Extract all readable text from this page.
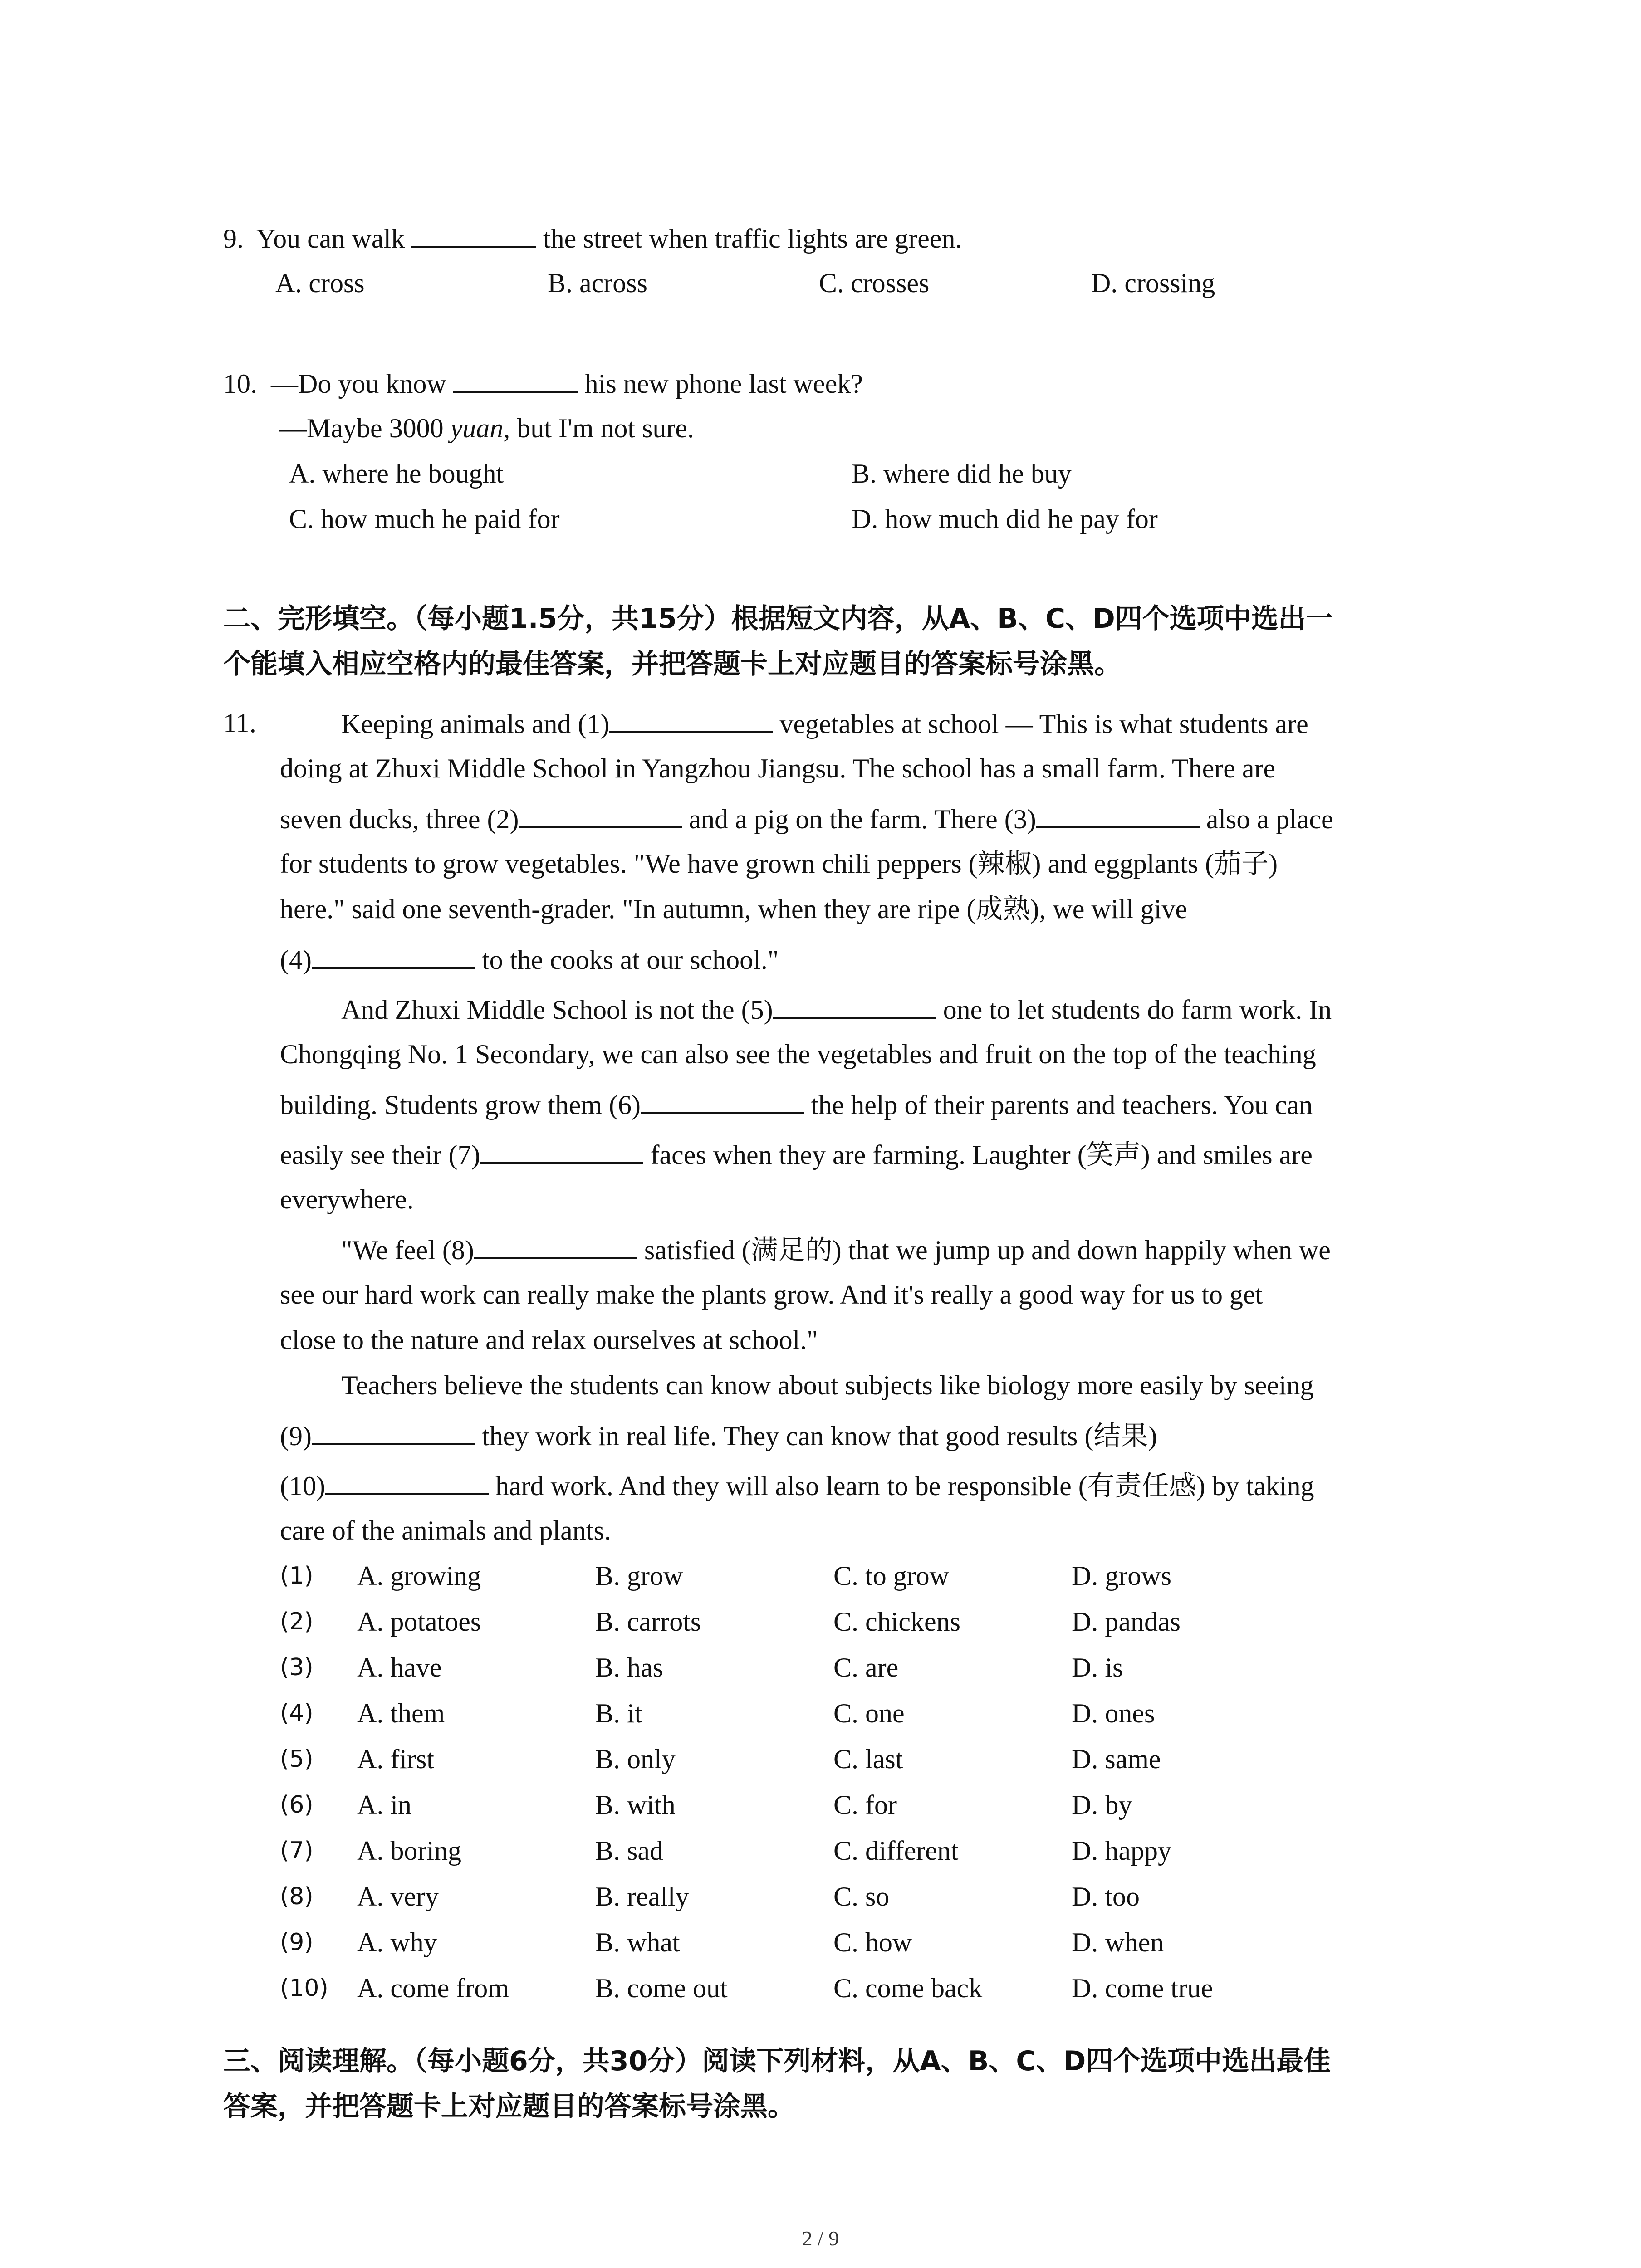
9. You can walk	the street when traffic lights are green.
A. cross	B. across	C. crosses	D. crossing
10. —Do you know	his new phone last week?
—Maybe 3000 yuan, but I'm not sure.
A. where he bought	B. where did he buy
C. how much he paid for	D. how much did he pay for
二、完形填空。（每小题1.5分，共15分）根据短文内容，从A、B、C、D四个选项中选出一
个能填入相应空格内的最佳答案，并把答题卡上对应题目的答案标号涂黑。
11.	Keeping animals and (1)	vegetables at school — This is what students are
doing at Zhuxi Middle School in Yangzhou Jiangsu. The school has a small farm. There are
seven ducks, three (2)	and a pig on the farm. There (3)	also a place
for students to grow vegetables. "We have grown chili peppers (辣椒) and eggplants (茄子)
here." said one seventh-grader. "In autumn, when they are ripe (成熟), we will give
(4)	to the cooks at our school."
And Zhuxi Middle School is not the (5)	one to let students do farm work. In
Chongqing No. 1 Secondary, we can also see the vegetables and fruit on the top of the teaching
building. Students grow them (6)	the help of their parents and teachers. You can
easily see their (7)	faces when they are farming. Laughter (笑声) and smiles are
everywhere.
"We feel (8)	satisfied (满足的) that we jump up and down happily when we
see our hard work can really make the plants grow. And it's really a good way for us to get
close to the nature and relax ourselves at school."
Teachers believe the students can know about subjects like biology more easily by seeing
(9)	they work in real life. They can know that good results (结果)
(10)	hard work. And they will also learn to be responsible (有责任感) by taking
care of the animals and plants.
(1) A. growing	B. grow	C. to grow	D. grows
(2) A. potatoes	B. carrots	C. chickens	D. pandas
(3) A. have	B. has	C. are	D. is
(4) A. them	B. it	C. one	D. ones
(5) A. first	B. only	C. last	D. same
(6) A. in	B. with	C. for	D. by
(7) A. boring	B. sad	C. different	D. happy
(8) A. very	B. really	C. so	D. too
(9) A. why	B. what	C. how	D. when
(10) A. come from	B. come out	C. come back	D. come true
三、阅读理解。（每小题6分，共30分）阅读下列材料，从A、B、C、D四个选项中选出最佳
答案，并把答题卡上对应题目的答案标号涂黑。
2 / 9
